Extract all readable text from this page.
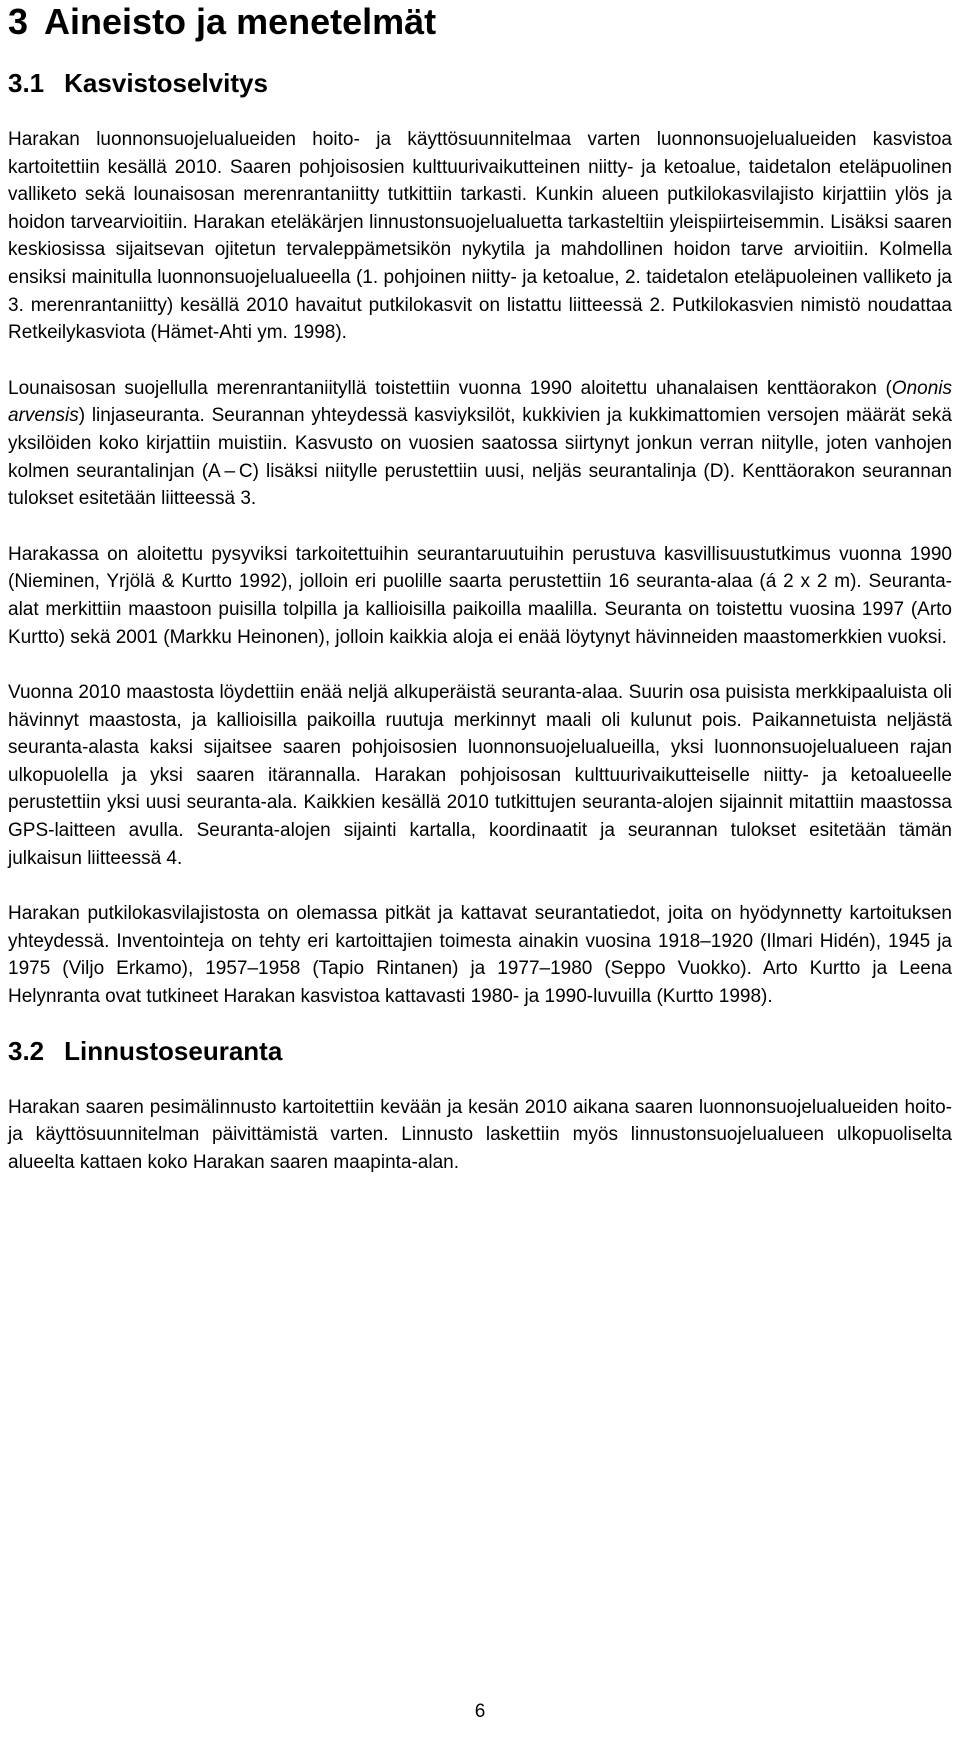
3 Aineisto ja menetelmät
3.1 Kasvistoselvitys

Harakan luonnonsuojelualueiden hoito- ja käyttösuunnitelmaa varten luonnonsuojelualueiden kasvistoa kartoitettiin kesällä 2010. Saaren pohjoisosien kulttuurivaikutteinen niitty- ja ketoalue, taidetalon eteläpuolinen valliketo sekä lounaisosan merenrantaniitty tutkittiin tarkasti. Kunkin alueen putkilokasvilajisto kirjattiin ylös ja hoidon tarvearvioitiin. Harakan eteläkärjen linnustonsuojelualuetta tarkasteltiin yleispiirteisemmin. Lisäksi saaren keskiosissa sijaitsevan ojitetun tervaleppämetsikön nykytila ja mahdollinen hoidon tarve arvioitiin. Kolmella ensiksi mainitulla luonnonsuojelualueella (1. pohjoinen niitty- ja ketoalue, 2. taidetalon eteläpuoleinen valliketo ja 3. merenrantaniitty) kesällä 2010 havaitut putkilokasvit on listattu liitteessä 2. Putkilokasvien nimistö noudattaa Retkeilykasviota (Hämet-Ahti ym. 1998).

Lounaisosan suojellulla merenrantaniityllä toistettiin vuonna 1990 aloitettu uhanalaisen kenttäorakon (Ononis arvensis) linjaseuranta. Seurannan yhteydessä kasviyksilöt, kukkivien ja kukkimattomien versojen määrät sekä yksilöiden koko kirjattiin muistiin. Kasvusto on vuosien saatossa siirtynyt jonkun verran niitylle, joten vanhojen kolmen seurantalinjan (A – C) lisäksi niitylle perustettiin uusi, neljäs seurantalinja (D). Kenttäorakon seurannan tulokset esitetään liitteessä 3.

Harakassa on aloitettu pysyviksi tarkoitettuihin seurantaruutuihin perustuva kasvillisuustutkimus vuonna 1990 (Nieminen, Yrjölä & Kurtto 1992), jolloin eri puolille saarta perustettiin 16 seuranta-alaa (á 2 x 2 m). Seuranta-alat merkittiin maastoon puisilla tolpilla ja kallioisilla paikoilla maalilla. Seuranta on toistettu vuosina 1997 (Arto Kurtto) sekä 2001 (Markku Heinonen), jolloin kaikkia aloja ei enää löytynyt hävinneiden maastomerkkien vuoksi.

Vuonna 2010 maastosta löydettiin enää neljä alkuperäistä seuranta-alaa. Suurin osa puisista merkkipaaluista oli hävinnyt maastosta, ja kallioisilla paikoilla ruutuja merkinnyt maali oli kulunut pois. Paikannetuista neljästä seuranta-alasta kaksi sijaitsee saaren pohjoisosien luonnonsuojelualueilla, yksi luonnonsuojelualueen rajan ulkopuolella ja yksi saaren itärannalla. Harakan pohjoisosan kulttuurivaikutteiselle niitty- ja ketoalueelle perustettiin yksi uusi seuranta-ala. Kaikkien kesällä 2010 tutkittujen seuranta-alojen sijainnit mitattiin maastossa GPS-laitteen avulla. Seuranta-alojen sijainti kartalla, koordinaatit ja seurannan tulokset esitetään tämän julkaisun liitteessä 4.

Harakan putkilokasvilajistosta on olemassa pitkät ja kattavat seurantatiedot, joita on hyödynnetty kartoituksen yhteydessä. Inventointeja on tehty eri kartoittajien toimesta ainakin vuosina 1918–1920 (Ilmari Hidén), 1945 ja 1975 (Viljo Erkamo), 1957–1958 (Tapio Rintanen) ja 1977–1980 (Seppo Vuokko). Arto Kurtto ja Leena Helynranta ovat tutkineet Harakan kasvistoa kattavasti 1980- ja 1990-luvuilla (Kurtto 1998).

3.2 Linnustoseuranta

Harakan saaren pesimälinnusto kartoitettiin kevään ja kesän 2010 aikana saaren luonnonsuojelualueiden hoito- ja käyttösuunnitelman päivittämistä varten. Linnusto laskettiin myös linnustonsuojelualueen ulkopuoliselta alueelta kattaen koko Harakan saaren maapinta-alan.

6
